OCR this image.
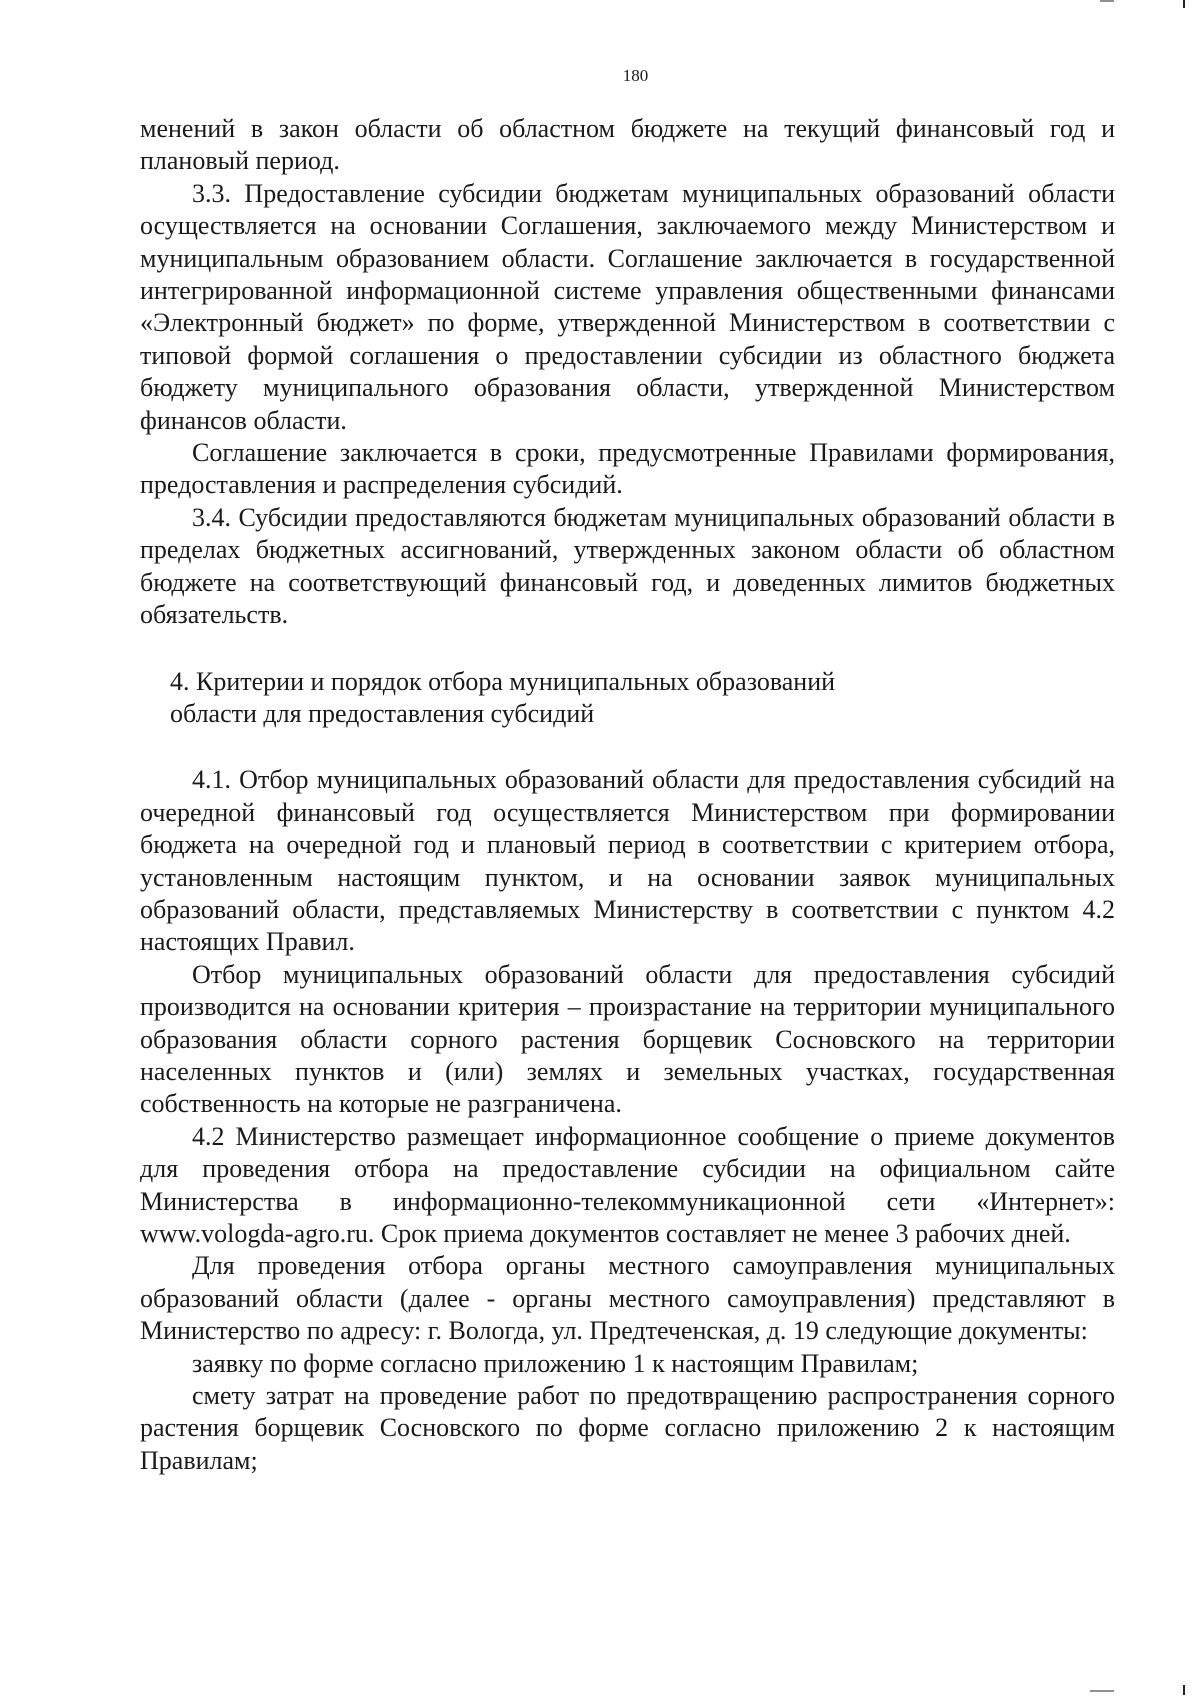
180

менений в закон области об областном бюджете на текущий финансовый год и плановый период.

3.3. Предоставление субсидии бюджетам муниципальных образований области осуществляется на основании Соглашения, заключаемого между Министерством и муниципальным образованием области. Соглашение заключается в государственной интегрированной информационной системе управления общественными финансами «Электронный бюджет» по форме, утвержденной Министерством в соответствии с типовой формой соглашения о предоставлении субсидии из областного бюджета бюджету муниципального образования области, утвержденной Министерством финансов области.

Соглашение заключается в сроки, предусмотренные Правилами формирования, предоставления и распределения субсидий.

3.4. Субсидии предоставляются бюджетам муниципальных образований области в пределах бюджетных ассигнований, утвержденных законом области об областном бюджете на соответствующий финансовый год, и доведенных лимитов бюджетных обязательств.

4. Критерии и порядок отбора муниципальных образований

области для предоставления субсидий

4.1. Отбор муниципальных образований области для предоставления субсидий на очередной финансовый год осуществляется Министерством при формировании бюджета на очередной год и плановый период в соответствии с критерием отбора, установленным настоящим пунктом, и на основании заявок муниципальных образований области, представляемых Министерству в соответствии с пунктом 4.2 настоящих Правил.

Отбор муниципальных образований области для предоставления субсидий производится на основании критерия – произрастание на территории муниципального образования области сорного растения борщевик Сосновского на территории населенных пунктов и (или) землях и земельных участках, государственная собственность на которые не разграничена.

4.2 Министерство размещает информационное сообщение о приеме документов для проведения отбора на предоставление субсидии на официальном сайте Министерства в информационно-телекоммуникационной сети «Интернет»: www.vologda-agro.ru. Срок приема документов составляет не менее 3 рабочих дней.

Для проведения отбора органы местного самоуправления муниципальных образований области (далее - органы местного самоуправления) представляют в Министерство по адресу: г. Вологда, ул. Предтеченская, д. 19 следующие документы:

заявку по форме согласно приложению 1 к настоящим Правилам;

смету затрат на проведение работ по предотвращению распространения сорного растения борщевик Сосновского по форме согласно приложению 2 к настоящим Правилам;
